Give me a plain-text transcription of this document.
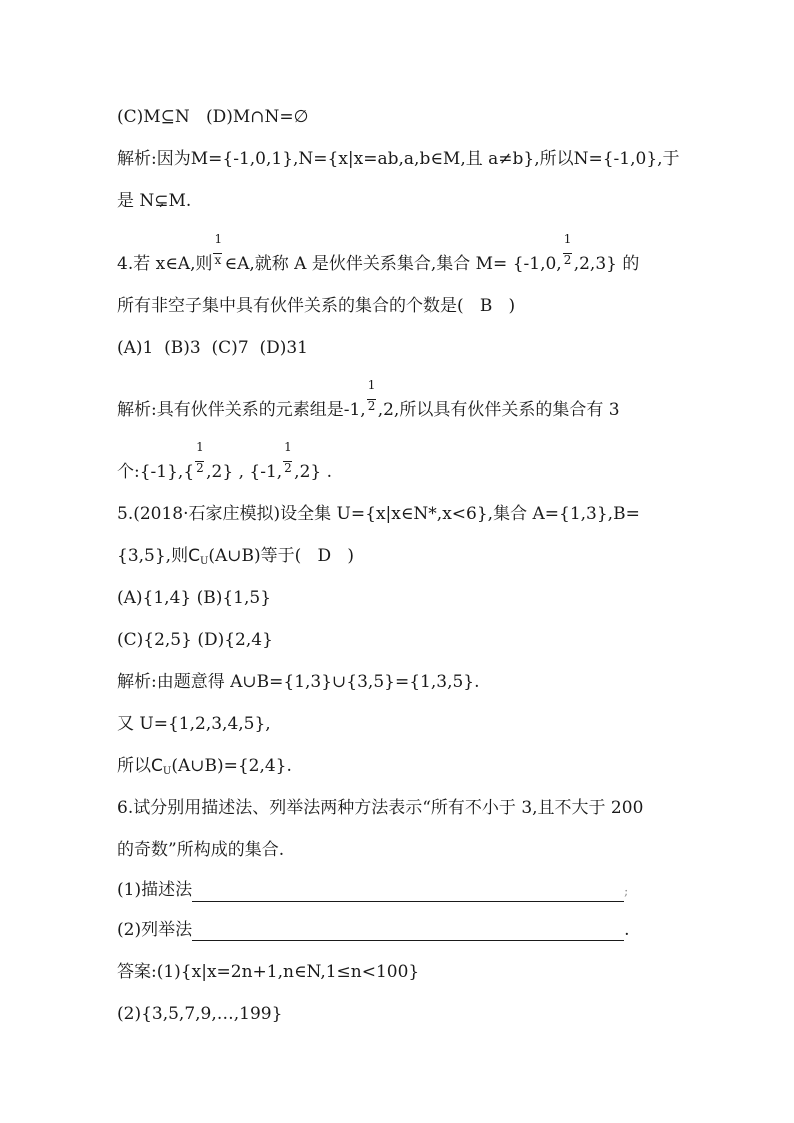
(C)M⊆N   (D)M∩N=∅
解析:因为M={-1,0,1},N={x|x=ab,a,b∈M,且 a≠b},所以N={-1,0},于
是 N⊊M.
4.若 x∈A,则 $\frac{1}{x}$ ∈A,就称 A 是伙伴关系集合,集合 M= {-1,0, $\frac{1}{2} ,2,3$} 的
所有非空子集中具有伙伴关系的集合的个数是(   B   )
(A)1  (B)3  (C)7  (D)31
解析:具有伙伴关系的元素组是-1, $\frac{1}{2} ,2$,所以具有伙伴关系的集合有 3
个:{-1},{ $\frac{1}{2} ,2$} , {-1, $\frac{1}{2} ,2$} .
5.(2018·石家庄模拟)设全集 U={x|x∈N*,x<6},集合 A={1,3},B=
{3,5},则$C_U(A\cup B)$等于(   D   )
(A){1,4} (B){1,5}
(C){2,5} (D){2,4}
解析:由题意得 A∪B={1,3}∪{3,5}={1,3,5}.
又 U={1,2,3,4,5},
所以$C_U(A\cup B)=\{2,4\}$.
6.试分别用描述法、列举法两种方法表示“所有不小于 3,且不大于 200
的奇数”所构成的集合.
(1)描述法	;
(2)列举法	.
答案:(1){x|x=2n+1,n∈N,1≤n<100}
(2){3,5,7,9,…,199}
